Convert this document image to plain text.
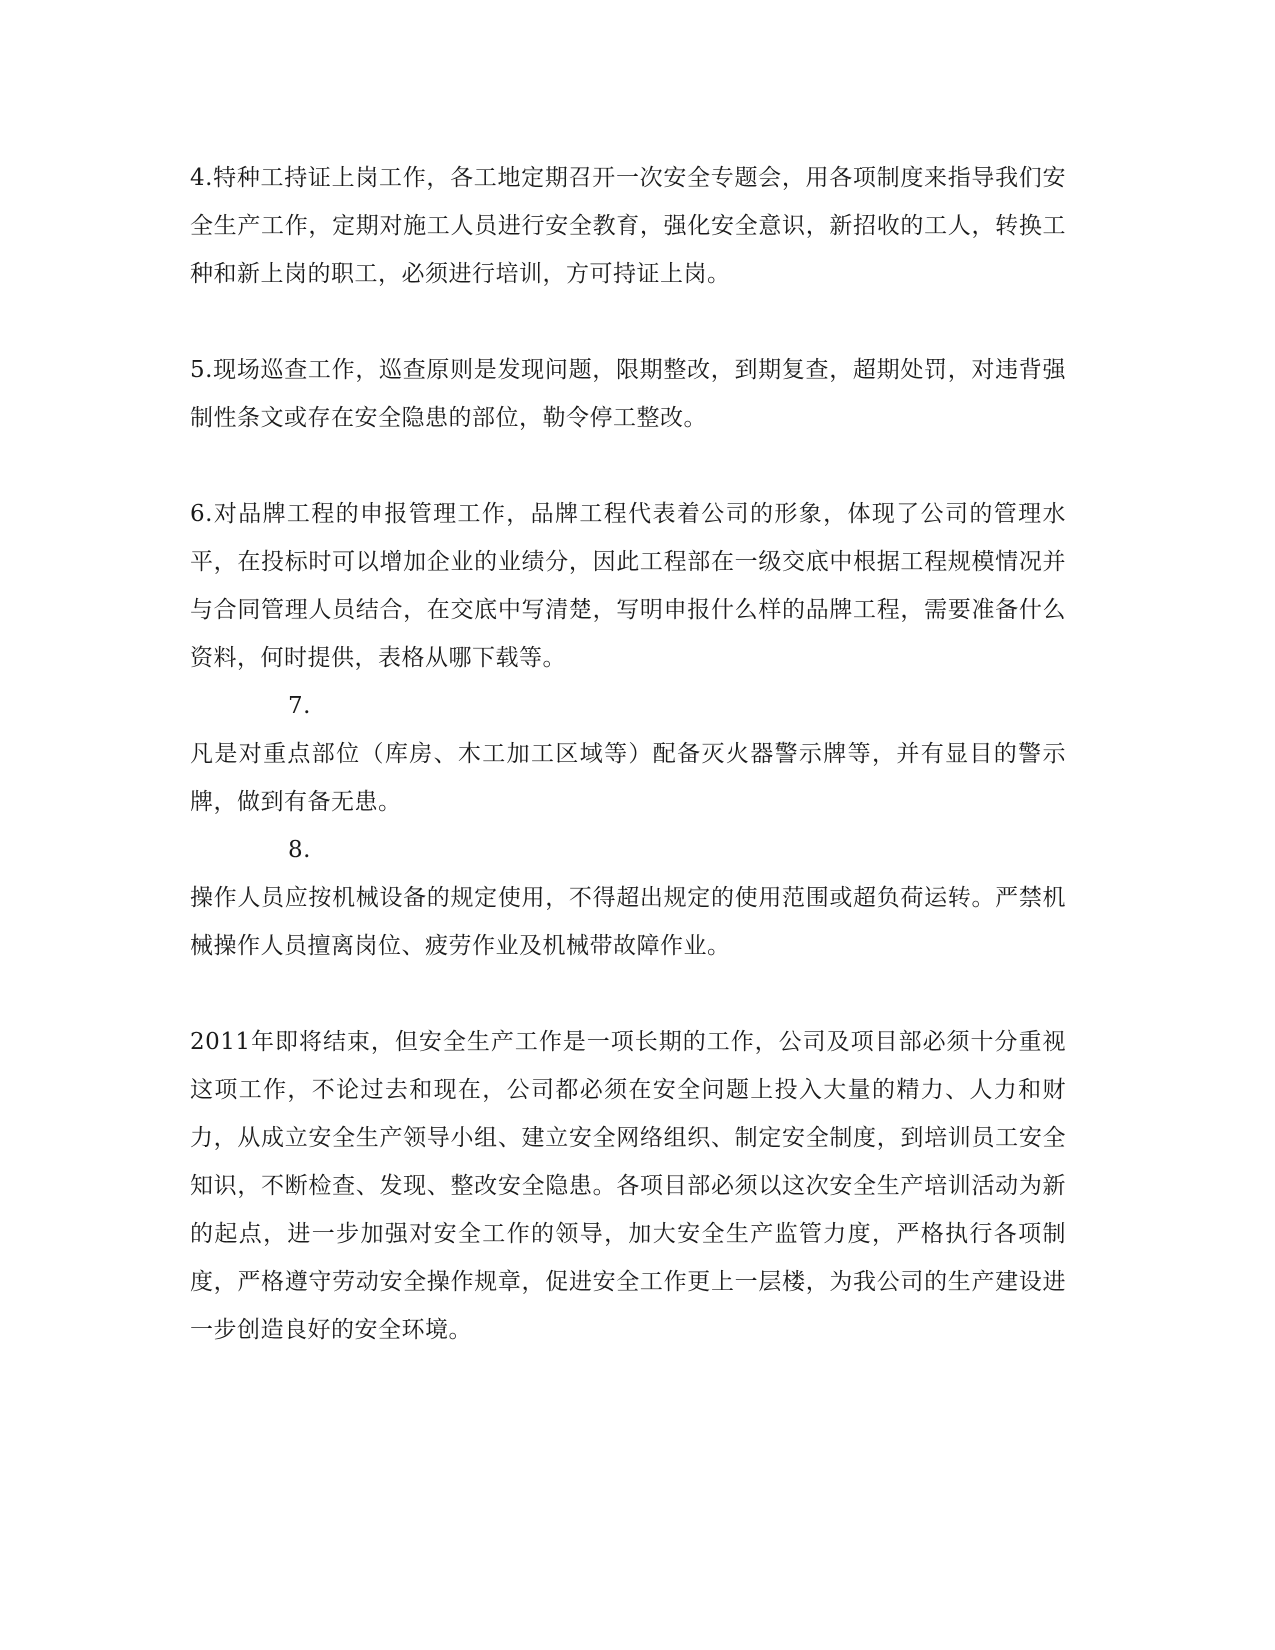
4.特种工持证上岗工作，各工地定期召开一次安全专题会，用各项制度来指导我们安全生产工作，定期对施工人员进行安全教育，强化安全意识，新招收的工人，转换工种和新上岗的职工，必须进行培训，方可持证上岗。

5.现场巡查工作，巡查原则是发现问题，限期整改，到期复查，超期处罚，对违背强制性条文或存在安全隐患的部位，勒令停工整改。

6.对品牌工程的申报管理工作，品牌工程代表着公司的形象，体现了公司的管理水平，在投标时可以增加企业的业绩分，因此工程部在一级交底中根据工程规模情况并与合同管理人员结合，在交底中写清楚，写明申报什么样的品牌工程，需要准备什么资料，何时提供，表格从哪下载等。

7.

凡是对重点部位（库房、木工加工区域等）配备灭火器警示牌等，并有显目的警示牌，做到有备无患。

8.

操作人员应按机械设备的规定使用，不得超出规定的使用范围或超负荷运转。严禁机械操作人员擅离岗位、疲劳作业及机械带故障作业。

2011年即将结束，但安全生产工作是一项长期的工作，公司及项目部必须十分重视这项工作，不论过去和现在，公司都必须在安全问题上投入大量的精力、人力和财力，从成立安全生产领导小组、建立安全网络组织、制定安全制度，到培训员工安全知识，不断检查、发现、整改安全隐患。各项目部必须以这次安全生产培训活动为新的起点，进一步加强对安全工作的领导，加大安全生产监管力度，严格执行各项制度，严格遵守劳动安全操作规章，促进安全工作更上一层楼，为我公司的生产建设进一步创造良好的安全环境。
